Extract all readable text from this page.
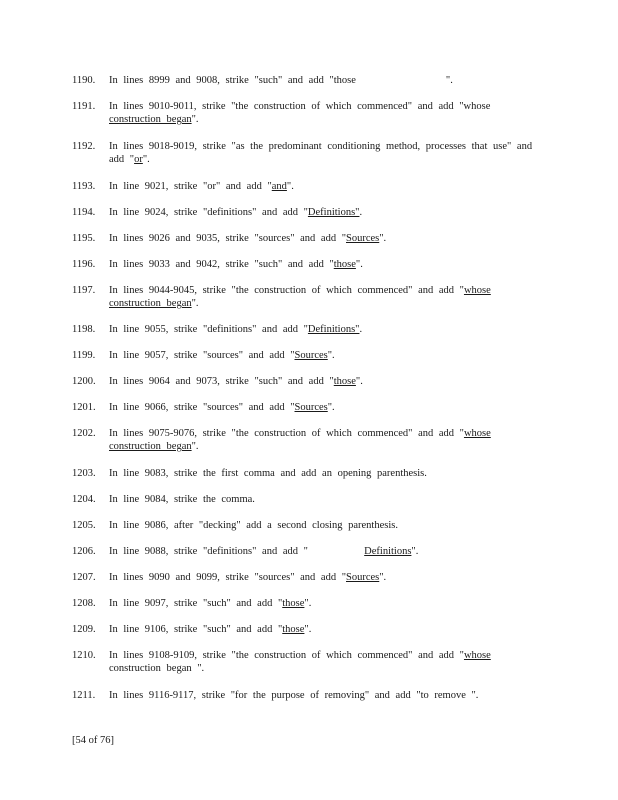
1190.	In lines 8999 and 9008, strike "such" and add "those                ".
1191.	In lines 9010-9011, strike "the construction of which commenced" and add "whose construction began".
1192.	In lines 9018-9019, strike "as the predominant conditioning method, processes that use" and add "or".
1193.	In line 9021, strike "or" and add "and".
1194.	In line 9024, strike "definitions" and add "Definitions".
1195.	In lines 9026 and 9035, strike "sources" and add "Sources".
1196.	In lines 9033 and 9042, strike "such" and add "those".
1197.	In lines 9044-9045, strike "the construction of which commenced" and add "whose construction began".
1198.	In line 9055, strike "definitions" and add "Definitions".
1199.	In line 9057, strike "sources" and add "Sources".
1200.	In lines 9064 and 9073, strike "such" and add "those".
1201.	In line 9066, strike "sources" and add "Sources".
1202.	In lines 9075-9076, strike "the construction of which commenced" and add "whose construction began".
1203.	In line 9083, strike the first comma and add an opening parenthesis.
1204.	In line 9084, strike the comma.
1205.	In line 9086, after "decking" add a second closing parenthesis.
1206.	In line 9088, strike "definitions" and add "          Definitions".
1207.	In lines 9090 and 9099, strike "sources" and add "Sources".
1208.	In line 9097, strike "such" and add "those".
1209.	In line 9106, strike "such" and add "those".
1210.	In lines 9108-9109, strike "the construction of which commenced" and add "whose construction began ".
1211.	In lines 9116-9117, strike "for the purpose of removing" and add "to remove ".
[54 of 76]
